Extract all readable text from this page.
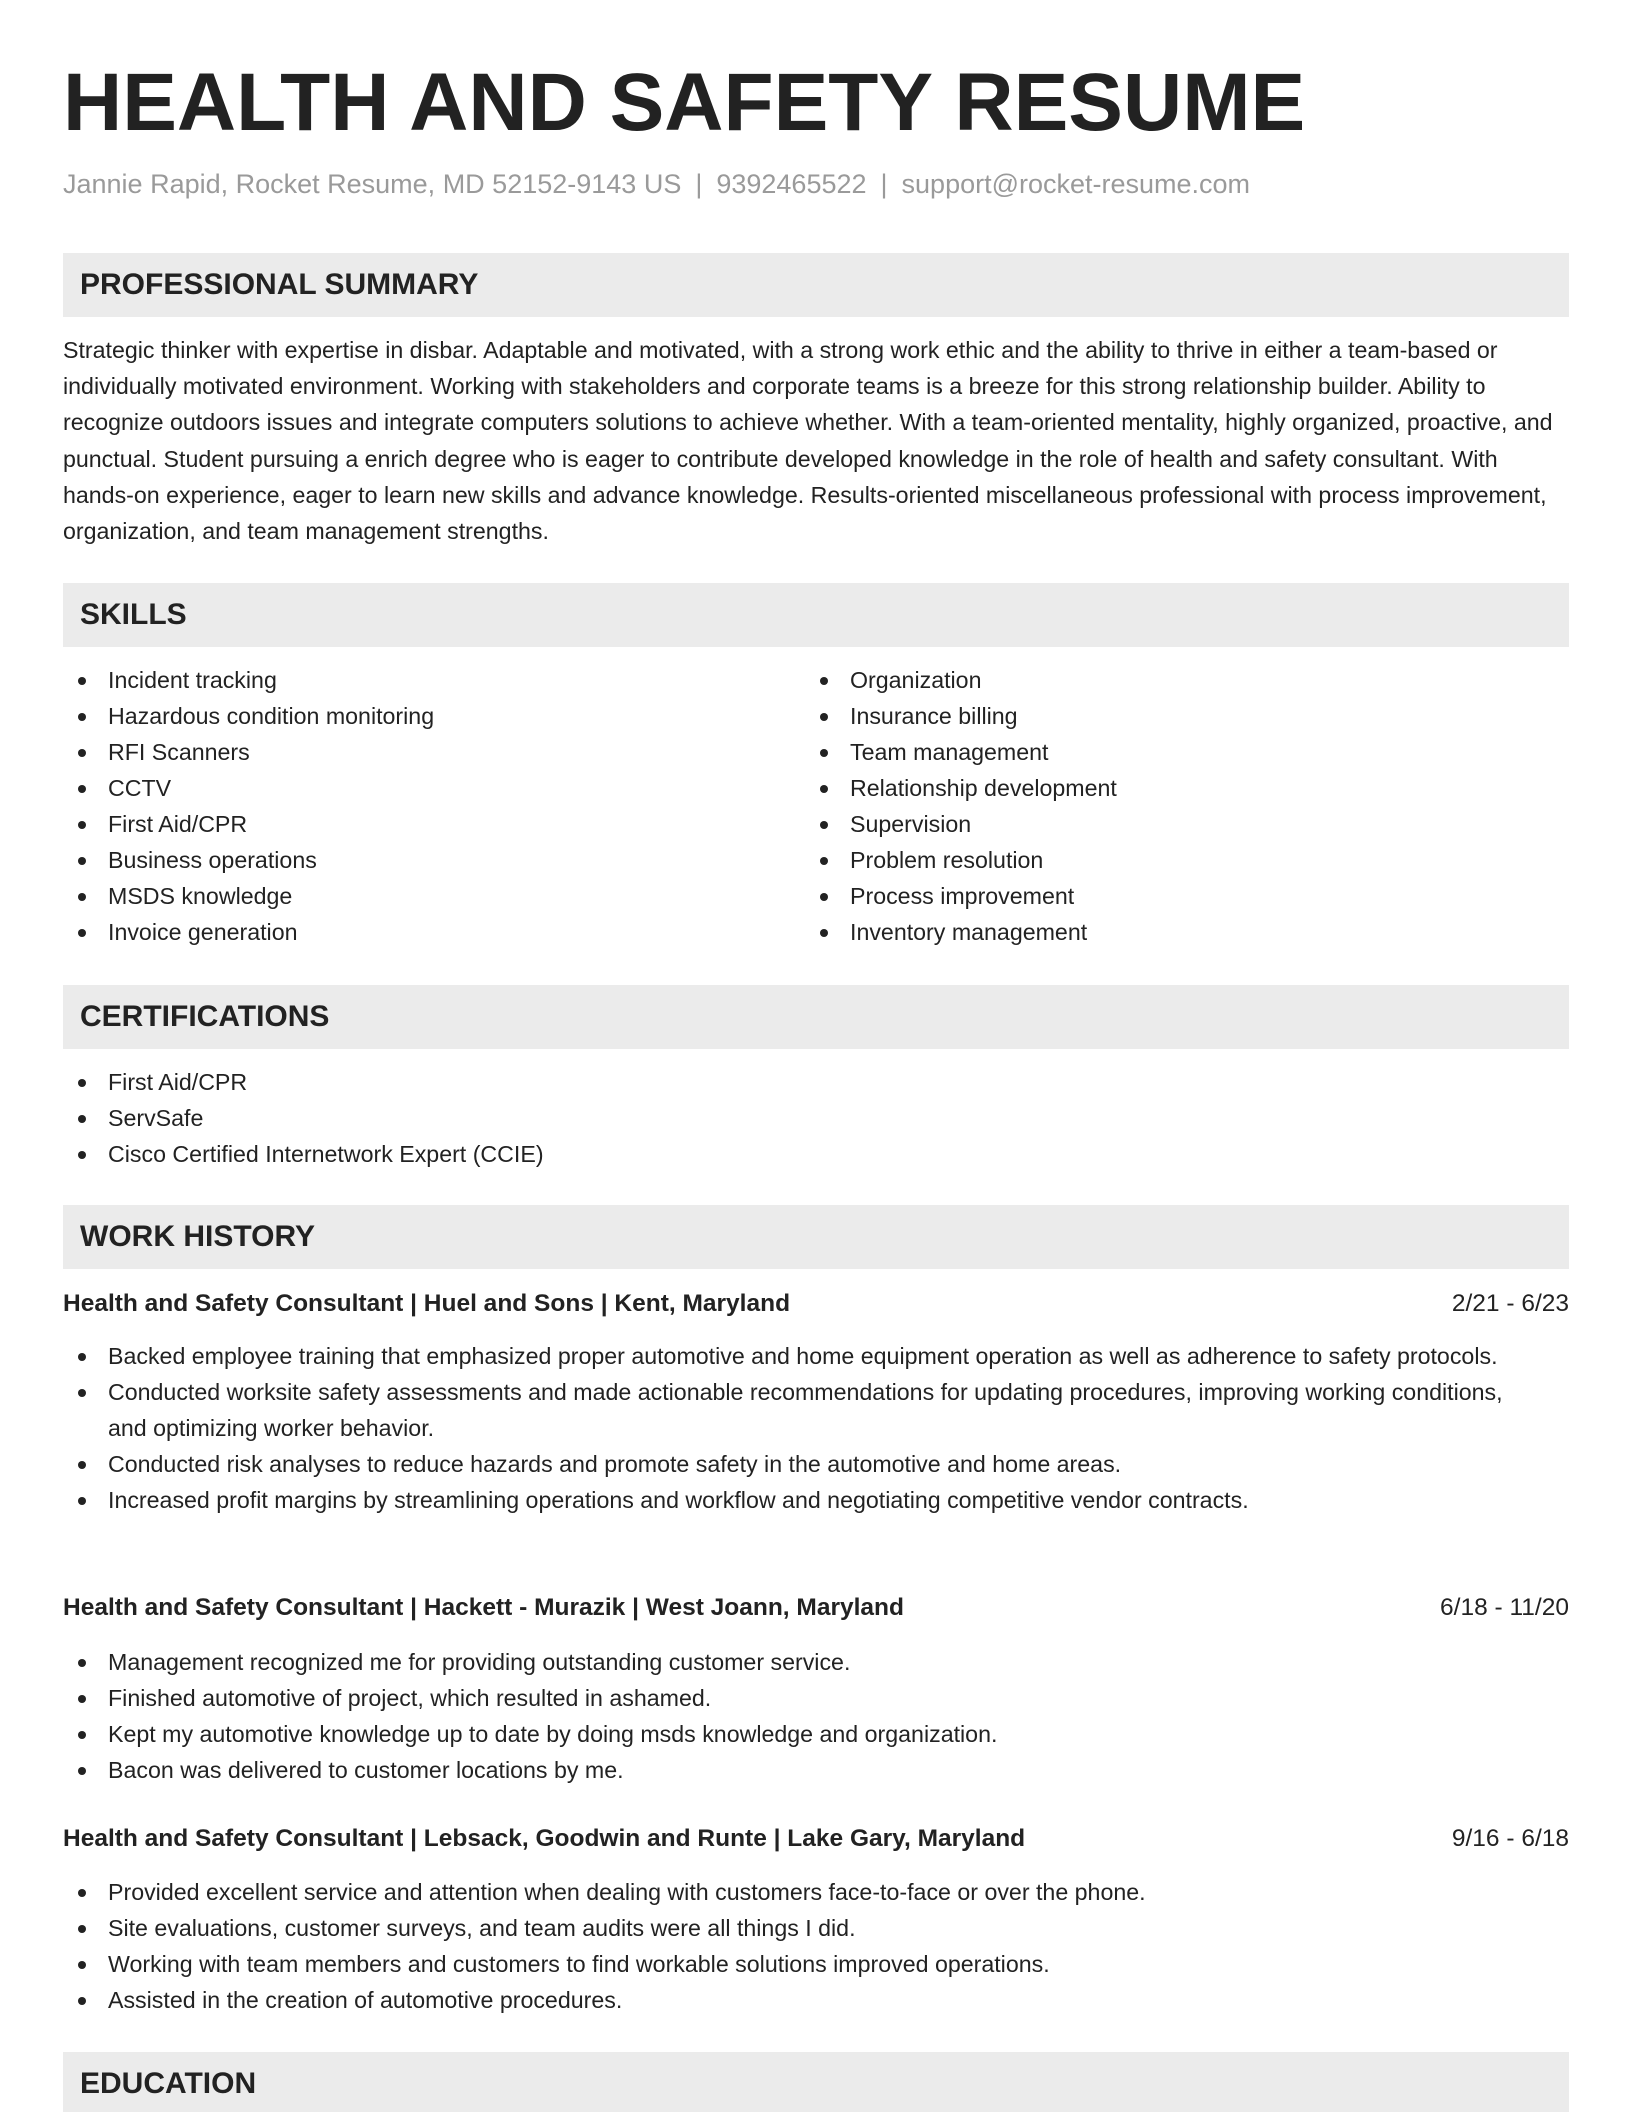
HEALTH AND SAFETY RESUME
Jannie Rapid, Rocket Resume, MD 52152-9143 US | 9392465522 | support@rocket-resume.com
PROFESSIONAL SUMMARY

Strategic thinker with expertise in disbar. Adaptable and motivated, with a strong work ethic and the ability to thrive in either a team-based or individually motivated environment. Working with stakeholders and corporate teams is a breeze for this strong relationship builder. Ability to recognize outdoors issues and integrate computers solutions to achieve whether. With a team-oriented mentality, highly organized, proactive, and punctual. Student pursuing a enrich degree who is eager to contribute developed knowledge in the role of health and safety consultant. With hands-on experience, eager to learn new skills and advance knowledge. Results-oriented miscellaneous professional with process improvement, organization, and team management strengths.

SKILLS
Incident tracking
Hazardous condition monitoring
RFI Scanners
CCTV
First Aid/CPR
Business operations
MSDS knowledge
Invoice generation
Organization
Insurance billing
Team management
Relationship development
Supervision
Problem resolution
Process improvement
Inventory management
CERTIFICATIONS
First Aid/CPR
ServSafe
Cisco Certified Internetwork Expert (CCIE)
WORK HISTORY
Health and Safety Consultant | Huel and Sons | Kent, Maryland	2/21 - 6/23
Backed employee training that emphasized proper automotive and home equipment operation as well as adherence to safety protocols.
Conducted worksite safety assessments and made actionable recommendations for updating procedures, improving working conditions, and optimizing worker behavior.
Conducted risk analyses to reduce hazards and promote safety in the automotive and home areas.
Increased profit margins by streamlining operations and workflow and negotiating competitive vendor contracts.
Health and Safety Consultant | Hackett - Murazik | West Joann, Maryland	6/18 - 11/20
Management recognized me for providing outstanding customer service.
Finished automotive of project, which resulted in ashamed.
Kept my automotive knowledge up to date by doing msds knowledge and organization.
Bacon was delivered to customer locations by me.
Health and Safety Consultant | Lebsack, Goodwin and Runte | Lake Gary, Maryland	9/16 - 6/18
Provided excellent service and attention when dealing with customers face-to-face or over the phone.
Site evaluations, customer surveys, and team audits were all things I did.
Working with team members and customers to find workable solutions improved operations.
Assisted in the creation of automotive procedures.
EDUCATION
